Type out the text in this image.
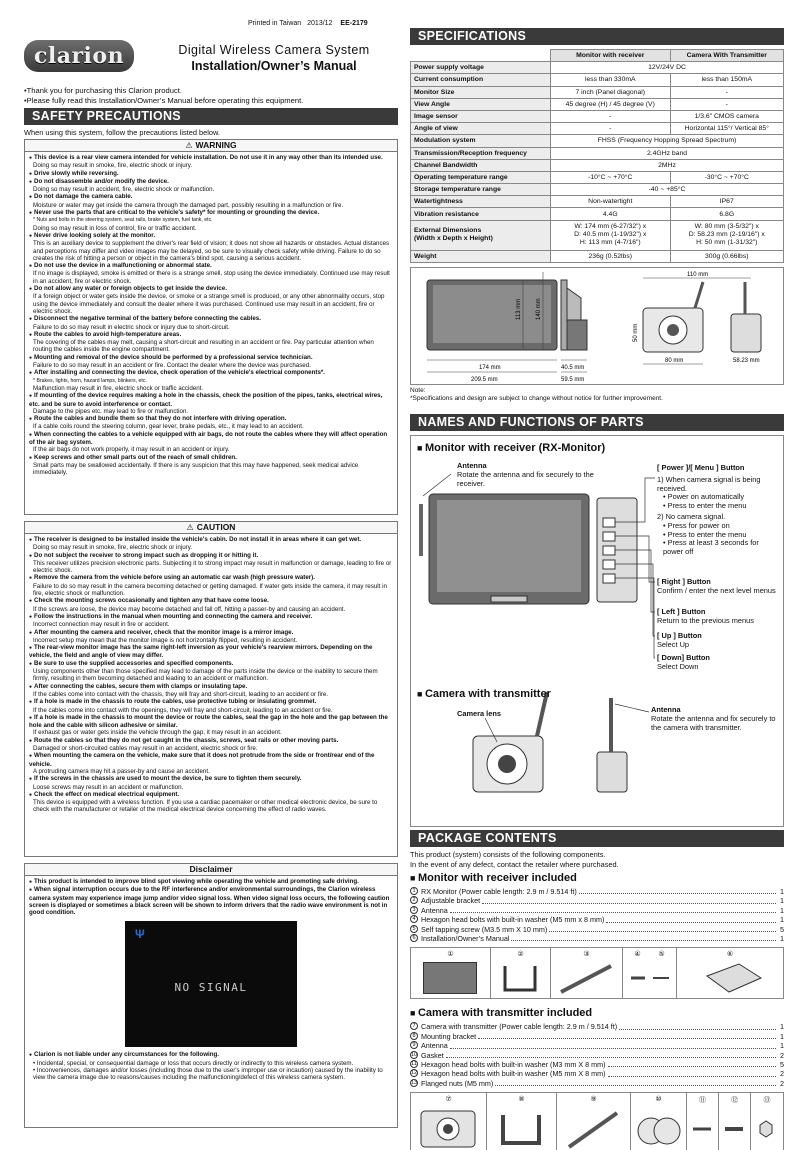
Printed in Taiwan 2013/12 EE-2179
clarion	Digital Wireless Camera System
Installation/Owner’s Manual
•Thank you for purchasing this Clarion product.
•Please fully read this Installation/Owner’s Manual before operating this equipment.
SAFETY PRECAUTIONS
When using this system, follow the precautions listed below.
⚠ WARNING
● This device is a rear view camera intended for vehicle installation. Do not use it in any way other than its intended use.
Doing so may result in smoke, fire, electric shock or injury.
● Drive slowly while reversing.
● Do not disassemble and/or modify the device.
Doing so may result in accident, fire, electric shock or malfunction.
● Do not damage the camera cable.
Moisture or water may get inside the camera through the damaged part, possibly resulting in a malfunction or fire.
● Never use the parts that are critical to the vehicle's safety* for mounting or grounding the device.
* Nuts and bolts in the steering system, seat rails, brake system, fuel tank, etc.
Doing so may result in loss of control, fire or traffic accident.
● Never drive looking solely at the monitor.
This is an auxiliary device to supplement the driver's rear field of vision; it does not show all hazards or obstacles. Actual distances and perceptions may differ and video images may be delayed, so be sure to visually check safety while driving. Failure to do so creates the risk of hitting a person or object in the camera's blind spot, causing a serious accident.
● Do not use the device in a malfunctioning or abnormal state.
If no image is displayed, smoke is emitted or there is a strange smell, stop using the device immediately. Continued use may result in an accident, fire or electric shock.
● Do not allow any water or foreign objects to get inside the device.
If a foreign object or water gets inside the device, or smoke or a strange smell is produced, or any other abnormality occurs, stop using the device immediately and consult the dealer where it was purchased. Continued use may result in an accident, fire or electric shock.
● Disconnect the negative terminal of the battery before connecting the cables.
Failure to do so may result in electric shock or injury due to short-circuit.
● Route the cables to avoid high-temperature areas.
The covering of the cables may melt, causing a short-circuit and resulting in an accident or fire. Pay particular attention when routing the cables inside the engine compartment.
● Mounting and removal of the device should be performed by a professional service technician.
Failure to do so may result in an accident or fire. Contact the dealer where the device was purchased.
● After installing and connecting the device, check operation of the vehicle's electrical components*.
* Brakes, lights, horn, hazard lamps, blinkers, etc.
Malfunction may result in fire, electric shock or traffic accident.
● If mounting of the device requires making a hole in the chassis, check the position of the pipes, tanks, electrical wires, etc. and be sure to avoid interference or contact.
Damage to the pipes etc. may lead to fire or malfunction.
● Route the cables and bundle them so that they do not interfere with driving operation.
If a cable coils round the steering column, gear lever, brake pedals, etc., it may lead to an accident.
● When connecting the cables to a vehicle equipped with air bags, do not route the cables where they will affect operation of the air bag system.
If the air bags do not work properly, it may result in an accident or injury.
● Keep screws and other small parts out of the reach of small children.
Small parts may be swallowed accidentally. If there is any suspicion that this may have happened, seek medical advice immediately.
⚠ CAUTION
● The receiver is designed to be installed inside the vehicle's cabin. Do not install it in areas where it can get wet.
Doing so may result in smoke, fire, electric shock or injury.
● Do not subject the receiver to strong impact such as dropping it or hitting it.
This receiver utilizes precision electronic parts. Subjecting it to strong impact may result in malfunction or damage, leading to fire or electric shock.
● Remove the camera from the vehicle before using an automatic car wash (high pressure water).
Failure to do so may result in the camera becoming detached or getting damaged. If water gets inside the camera, it may result in fire, electric shock or malfunction.
● Check the mounting screws occasionally and tighten any that have come loose.
If the screws are loose, the device may become detached and fall off, hitting a passer-by and causing an accident.
● Follow the instructions in the manual when mounting and connecting the camera and receiver.
Incorrect connection may result in fire or accident.
● After mounting the camera and receiver, check that the monitor image is a mirror image.
Incorrect setup may mean that the monitor image is not horizontally flipped, resulting in accident.
● The rear-view monitor image has the same right-left inversion as your vehicle's rearview mirrors. Depending on the vehicle, the field and angle of view may differ.
● Be sure to use the supplied accessories and specified components.
Using components other than those specified may lead to damage of the parts inside the device or the inability to secure them firmly, resulting in them becoming detached and leading to an accident or malfunction.
● After connecting the cables, secure them with clamps or insulating tape.
If the cables come into contact with the chassis, they will fray and short-circuit, leading to an accident or fire.
● If a hole is made in the chassis to route the cables, use protective tubing or insulating grommet.
If the cables come into contact with the openings, they will fray and short-circuit, leading to an accident or fire.
● If a hole is made in the chassis to mount the device or route the cables, seal the gap in the hole and the gap between the hole and the cable with silicon adhesive or similar.
If exhaust gas or water gets inside the vehicle through the gap, it may result in an accident.
● Route the cables so that they do not get caught in the chassis, screws, seat rails or other moving parts.
Damaged or short-circuited cables may result in an accident, electric shock or fire.
● When mounting the camera on the vehicle, make sure that it does not protrude from the side or front/rear end of the vehicle.
A protruding camera may hit a passer-by and cause an accident.
● If the screws in the chassis are used to mount the device, be sure to tighten them securely.
Loose screws may result in an accident or malfunction.
● Check the effect on medical electrical equipment.
This device is equipped with a wireless function. If you use a cardiac pacemaker or other medical electronic device, be sure to check with the manufacturer or retailer of the medical electrical device concerning the effect of radio waves.
Disclaimer
● This product is intended to improve blind spot viewing while operating the vehicle and promoting safe driving.
● When signal interruption occurs due to the RF interference and/or environmental surroundings, the Clarion wireless camera system may experience image jump and/or video signal loss. When video signal loss occurs, the following caution screen is displayed or sometimes a black screen will be shown to inform drivers that the radio wave environment is not in good condition.
Ψ
NO SIGNAL
● Clarion is not liable under any circumstances for the following.
• Incidental, special, or consequential damage or loss that occurs directly or indirectly to this wireless camera system.
• Inconveniences, damages and/or losses (including those due to the user's improper use or incaution) caused by the inability to view the camera image due to reasons/causes including the malfunctioning/defect of this wireless camera system.
SPECIFICATIONS
	Monitor with receiver	Camera With Transmitter
Power supply voltage	12V/24V DC	
Current consumption	less than 330mA	less than 150mA
Monitor Size	7 inch (Panel diagonal)	-
View Angle	45 degree (H) / 45 degree (V)	-
Image sensor	-	1/3.6" CMOS camera
Angle of view	-	Horizontal 115°/ Vertical 85°
Modulation system	FHSS (Frequency Hopping Spread Spectrum)	
Transmission/Reception frequency	2.4GHz band	
Channel Bandwidth	2MHz	
Operating temperature range	-10°C ~ +70°C	-30°C ~ +70°C
Storage temperature range	-40 ~ +85°C	
Watertightness	Non-watertight	IP67
Vibration resistance	4.4G	6.8G
External Dimensions
(Width x Depth x Height)	W: 174 mm (6-27/32") x
D: 40.5 mm (1-19/32") x
H: 113 mm (4-7/16")	W: 80 mm (3-5/32") x
D: 58.23 mm (2-19/16") x
H: 50 mm (1-31/32")
Weight	236g (0.52lbs)	300g (0.66lbs)
174 mm	40.5 mm
209.5 mm	59.5 mm
113 mm 140 mm
110 mm
80 mm	58.23 mm
50 mm
Note:
*Specifications and design are subject to change without notice for further improvement.
NAMES AND FUNCTIONS OF PARTS
■ Monitor with receiver (RX-Monitor)
Antenna
Rotate the antenna and fix securely to the receiver.
[ Power ]/[ Menu ] Button
1) When camera signal is being received.
• Power on automatically
• Press to enter the menu
2) No camera signal.
• Press for power on
• Press to enter the menu
• Press at least 3 seconds for power off
[ Right ] Button
Confirm / enter the next level menus
[ Left ] Button
Return to the previous menus
[ Up ] Button
Select Up
[ Down] Button
Select Down
■ Camera with transmitter
Camera lens	Antenna
Rotate the antenna and fix securely to the camera with transmitter.
PACKAGE CONTENTS
This product (system) consists of the following components.
In the event of any defect, contact the retailer where purchased.
■ Monitor with receiver included
1 RX Monitor (Power cable length: 2.9 m / 9.514 ft)	1
2 Adjustable bracket	1
3 Antenna	1
4 Hexagon head bolts with built-in washer (M5 mm x 8 mm)	1
5 Self tapping screw (M3.5 mm X 10 mm)	5
6 Installation/Owner’s Manual	1
①	②	③	④	⑤	⑥
■ Camera with transmitter included
7 Camera with transmitter (Power cable length: 2.9 m / 9.514 ft)	1
8 Mounting bracket	1
9 Antenna	1
10 Gasket	2
11 Hexagon head bolts with built-in washer (M3 mm X 8 mm)	5
12 Hexagon head bolts with built-in washer (M5 mm X 8 mm)	2
13 Flanged nuts (M5 mm)	2
⑦	⑧	⑨	⑩	⑪	⑫	⑬
